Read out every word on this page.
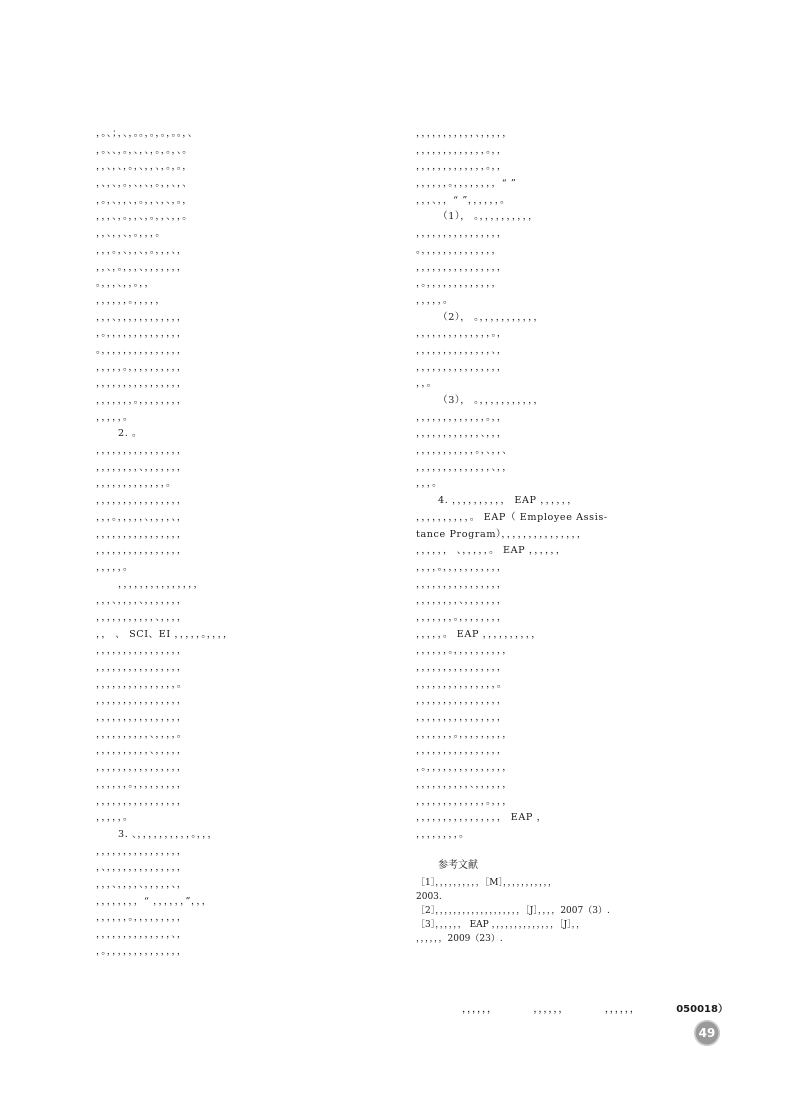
，。、；，、，。。，。，。，。。，、
，。、、，。，、，、，。，。，、。
，，、，、，。，、，，、，。，。，
，、，、，。，、，、，。，，、，、
，。，、，，、，。，，、，、，。，
，，，、，。，，、，。，，、，，。
，，、，，、，。，，，。
，，，。，、，，、，。，，，、，
，，、，。，，，、，，，，，，，
。，，，、，，。，，
，，，，，，。，，，，，
，，，、，，，，，，，，，，，，
，。，，，，，，，，，，，，，，
。，，，，，，，，，，，，，，，
，，，，，。，，，，，，，，，，
，，，，，，，，，，，，，，，，
，，，，，，，。，，，，，，，，
，，，，，。
2. 。
，，，，，，，，，，，，，，，，
，，，，，，，，、，，，，，，，
，，，，，，，，，，，，，。
，，，，，，，，，，，，，，，，
，，，。，，，，，、，，，，、，
，，，，，，，，，，，，，，，，
，，，，，，，，，，，，，，，，
，，，，，。
，，，，，，，，，，，，，，，
，，，、，，，，、，，，，，，，
，，，，，，，，，，，、，，，，
，， 、 SCI、EI ，，，，，。，，，，
，，，，，，，，，，，，，，，，
，，，，，，，，，，，，，，，，
，，，，，，，，，，，，，，，。
，，，，，，，，，，，，，，，，
，，，，，，，，，，，，，，，，
，，，，，，，，，，、，，，，。
，，，，，，，，，，、，，，，，
，，，，，，，，，，，，，，，，
，，，，，，。，，，，，，，，，
，，，，，，，，，，，，，，，，
，，，，，。
3. 、，，，，，，，，，，。，，，
，，，，，，，，，，，，，，，，
，、，，，，，，，，，，，，，，
，，，、，，，，、，，，，，、，
，，，，，，，，“ ，，，，，，”，，，
，，，，，，。，，，，，，，，，
，，，，，，，，，，，，，，、，
，。，，，，，，，，，，，，，，
，，，，，，，，，，，、，，，，，
，，，，，，，，，，，，，。，，
，，，，，，，，，，，，，。，，
，，，，，，。，，，，，，，，“ ”
，，，、，，“ ”，，，，，，。
（1）， 。，，，，，，，，，，
，，，，，，，，，，，，，，，，
。，，，，，，，，，，，，，，
，，，，，，，，，，，，，，，，
，。，，，，，，，，，，，，，
，，，，，。
（2）， 。，，，，，，，，，，，
，，，，，，，，，，，，，，。，
，，，，，，，，，，，，，，、，
，，，，，，，，，，，，，，，，
，，。
（3）， 。，，，，，，，，，，，
，，，，，，，，，，，，，。，，
，，，，，，，，，，，，、，，，
，，，，，，，，，，，。，、，，、
，，，，，，，，，，，，，，、，，
，，，。
4. ，，，，，，，，，， EAP ，，，，，，
，，，，，，，，，，。 EAP（ Employee Assis-
tance Program），，，，，，，，，，，，，，，
，，，，，， 、，，，，，。 EAP ，，，，，，
，，，，。，，，，，，，，，，，
，，，，，，，，，，，，，，，，
，，，，，，，，、，，，，，，，
，，，，，，，。，，，，，，，，
，，，，，。 EAP ，，，，，，，，，，
，，，，，，。，，，，，，，，，，
，，，，，，，，，，，，，，，，
，，，，，，，，，，，，，，，。
，，，，，，，，，，，，，，，，
，，，，，，，，，，，，，，，，
，，，，，，，。，，，，，，，，，
，，，，，，，，，，，，，，，，
，。，，，，，，，，，，，，，，，
，，，，，，，，，，、，，，，，，
，，，，，，，，，，，，，。，，，
，，，，，，，，，，，，，，，， EAP ，
，，，，，，，，。
参考文献
［1］，，，，，，，，，，［M］，，，，，，，，，，，
2003.
［2］，，，，，，，，，，，，，，，，，，，［J］，，，，2007（3）.
［3］，，，，，， EAP ，，，，，，，，，，，，，，［J］，，
，，，，，，2009（23）.
，，，，，，	，，，，，，	，，，，，，	050018）
49
